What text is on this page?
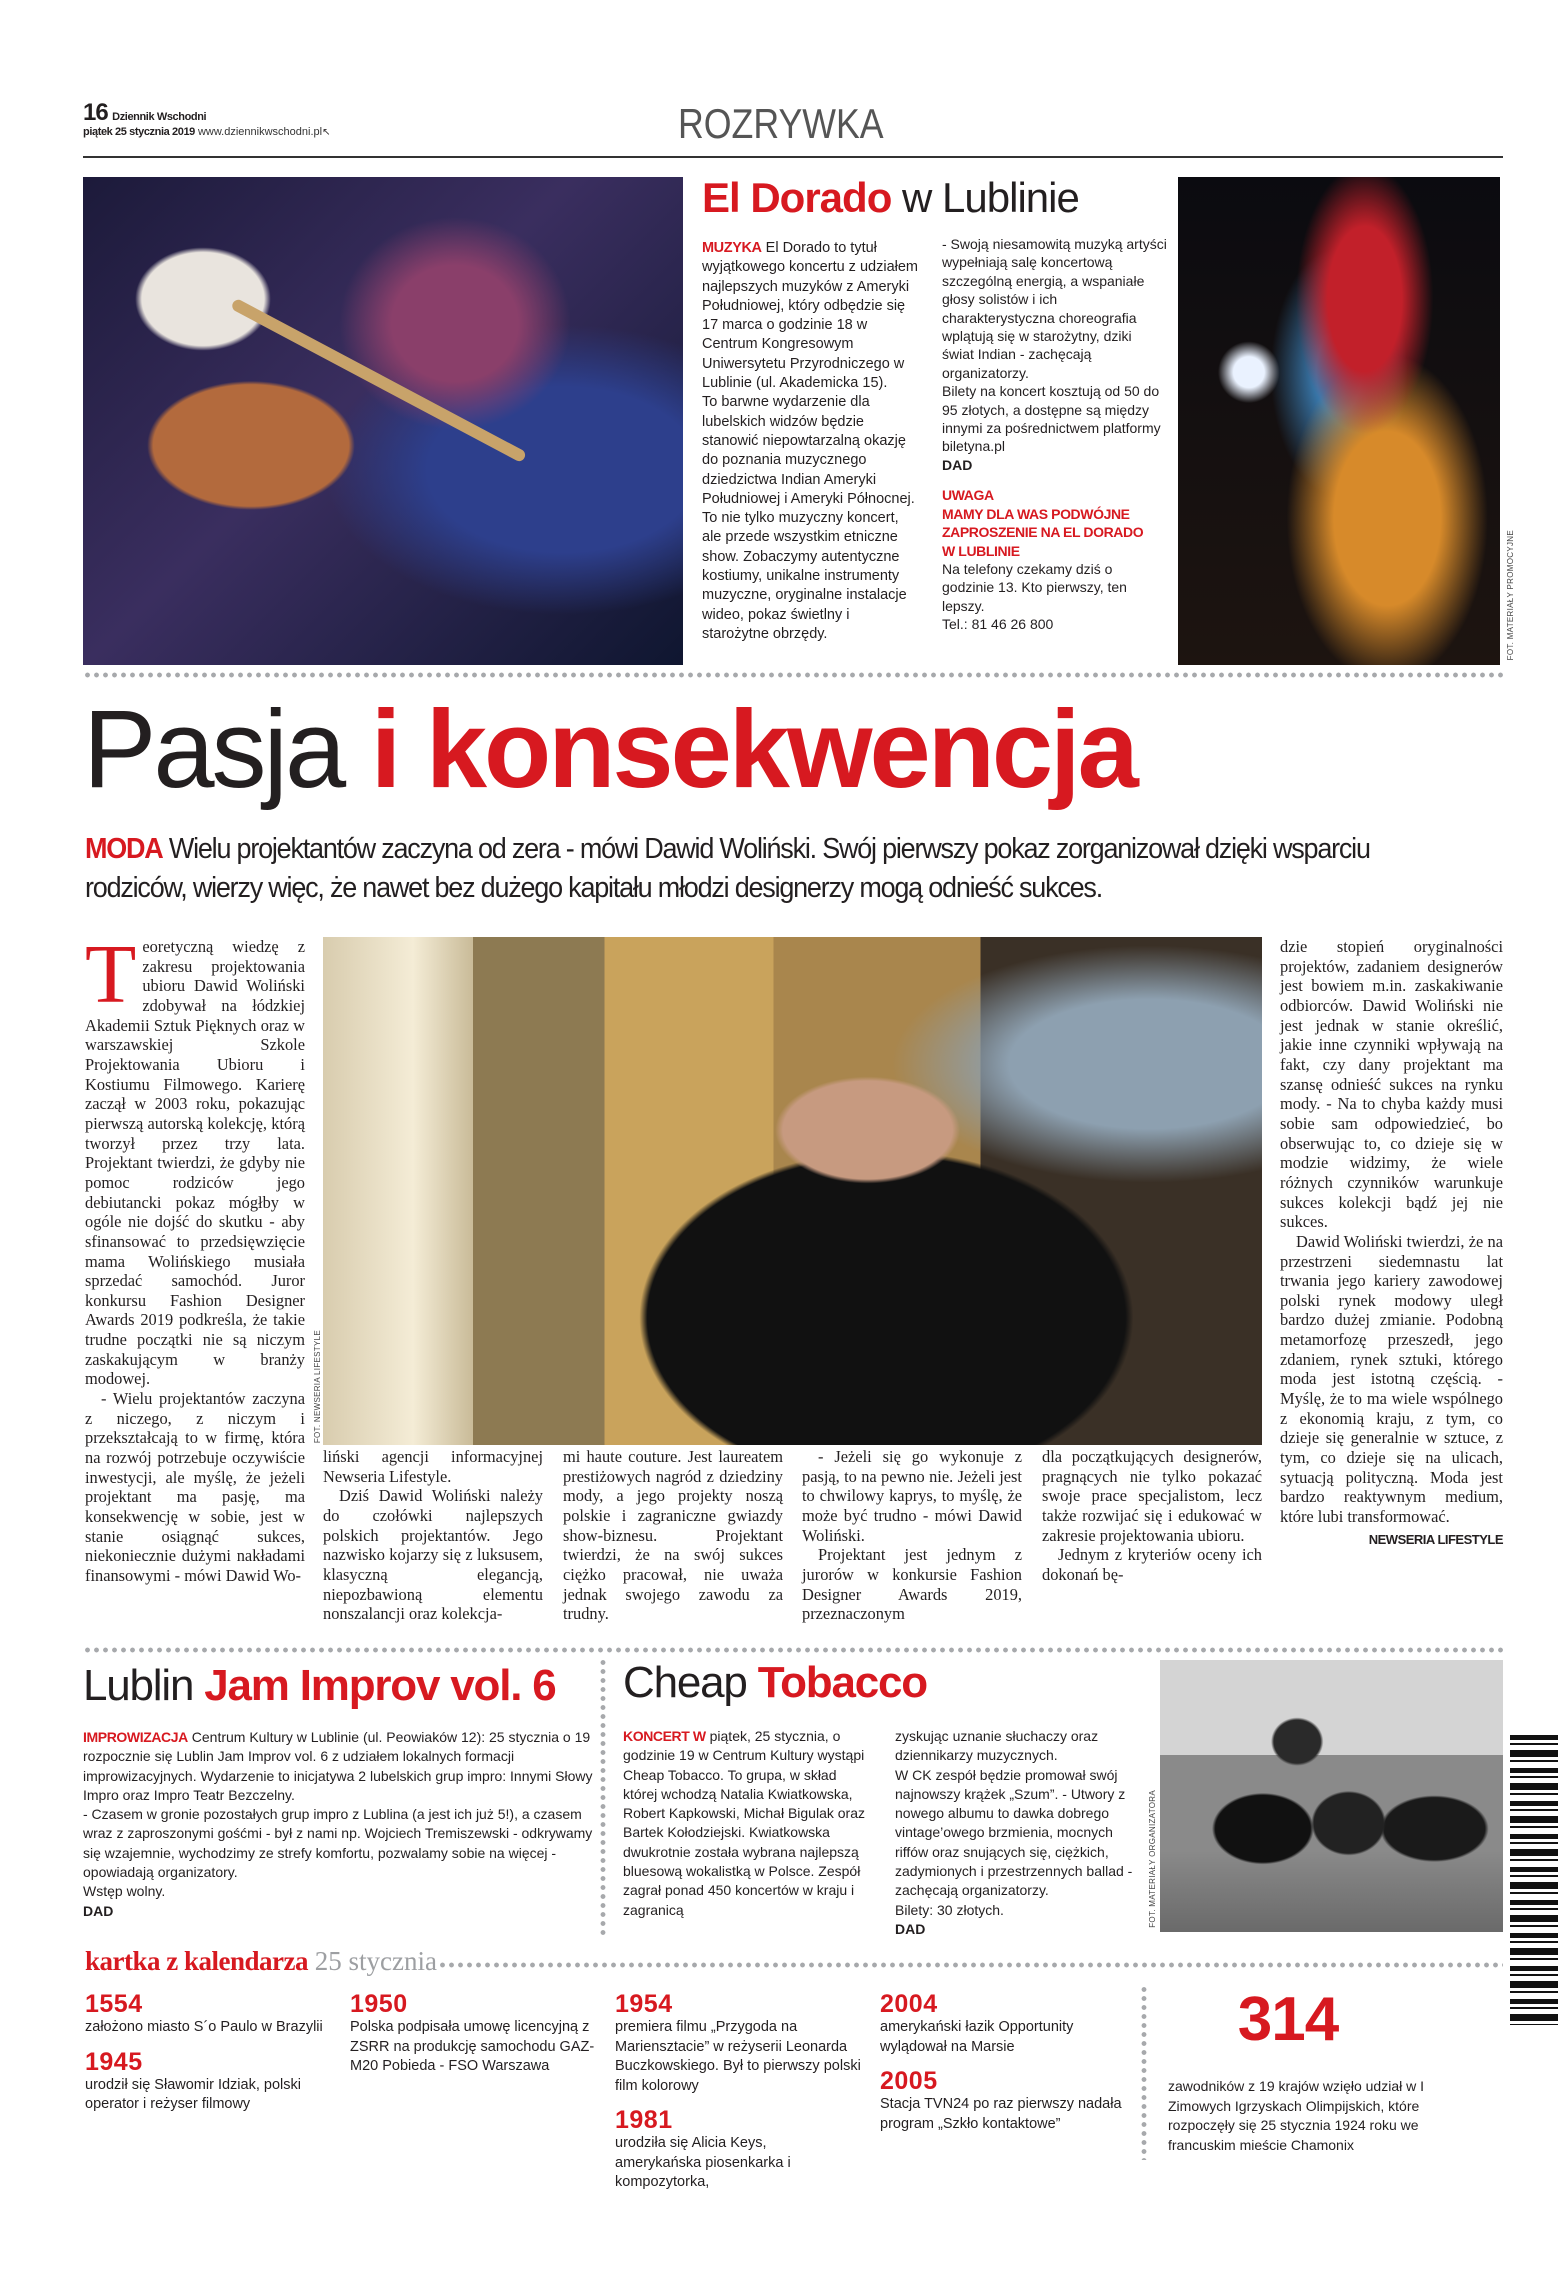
16 Dziennik Wschodni
piątek 25 stycznia 2019 www.dziennikwschodni.pl↖	ROZRYWKA
El Dorado w Lublinie
MUZYKA El Dorado to tytuł wyjątkowego koncertu z udziałem najlepszych muzyków z Ameryki Południowej, który odbędzie się 17 marca o godzinie 18 w Centrum Kongresowym Uniwersytetu Przyrodniczego w Lublinie (ul. Akademicka 15).
To barwne wydarzenie dla lubelskich widzów będzie stanowić niepowtarzalną okazję do poznania muzycznego dziedzictwa Indian Ameryki Południowej i Ameryki Północnej. To nie tylko muzyczny koncert, ale przede wszystkim etniczne show. Zobaczymy autentyczne kostiumy, unikalne instrumenty muzyczne, oryginalne instalacje wideo, pokaz świetlny i starożytne obrzędy.
- Swoją niesamowitą muzyką artyści wypełniają salę koncertową szczególną energią, a wspaniałe głosy solistów i ich charakterystyczna choreografia wplątują się w starożytny, dziki świat Indian - zachęcają organizatorzy.
Bilety na koncert kosztują od 50 do 95 złotych, a dostępne są między innymi za pośrednictwem platformy biletyna.pl
DAD
UWAGA
MAMY DLA WAS PODWÓJNE ZAPROSZENIE NA EL DORADO W LUBLINIE
Na telefony czekamy dziś o godzinie 13. Kto pierwszy, ten lepszy.
Tel.: 81 46 26 800	FOT. MATERIAŁY PROMOCYJNE
Pasja i konsekwencja
MODA Wielu projektantów zaczyna od zera - mówi Dawid Woliński. Swój pierwszy pokaz zorganizował dzięki wsparciu rodziców, wierzy więc, że nawet bez dużego kapitału młodzi designerzy mogą odnieść sukces.
T eoretyczną wiedzę z zakresu projektowania ubioru Dawid Woliński zdobywał na łódzkiej Akademii Sztuk Pięknych oraz w warszawskiej Szkole Projektowania Ubioru i Kostiumu Filmowego. Karierę zaczął w 2003 roku, pokazując pierwszą autorską kolekcję, którą tworzył przez trzy lata. Projektant twierdzi, że gdyby nie pomoc rodziców jego debiutancki pokaz mógłby w ogóle nie dojść do skutku - aby sfinansować to przedsięwzięcie mama Wolińskiego musiała sprzedać samochód. Juror konkursu Fashion Designer Awards 2019 podkreśla, że takie trudne początki nie są niczym zaskakującym w branży modowej.

- Wielu projektantów zaczyna z niczego, z niczym i przekształcają to w firmę, która na rozwój potrzebuje oczywiście inwestycji, ale myślę, że jeżeli projektant ma pasję, ma konsekwencję w sobie, jest w stanie osiągnąć sukces, niekoniecznie dużymi nakładami finansowymi - mówi Dawid Wo-

FOT. NEWSERIA LIFESTYLE

liński agencji informacyjnej Newseria Lifestyle.

Dziś Dawid Woliński należy do czołówki najlepszych polskich projektantów. Jego nazwisko kojarzy się z luksusem, klasyczną elegancją, niepozbawioną elementu nonszalancji oraz kolekcja-

mi haute couture. Jest laureatem prestiżowych nagród z dziedziny mody, a jego projekty noszą polskie i zagraniczne gwiazdy show-biznesu. Projektant twierdzi, że na swój sukces ciężko pracował, nie uważa jednak swojego zawodu za trudny.

- Jeżeli się go wykonuje z pasją, to na pewno nie. Jeżeli jest to chwilowy kaprys, to myślę, że może być trudno - mówi Dawid Woliński.

Projektant jest jednym z jurorów w konkursie Fashion Designer Awards 2019, przeznaczonym

dla początkujących designerów, pragnących nie tylko pokazać swoje prace specjalistom, lecz także rozwijać się i edukować w zakresie projektowania ubioru.

Jednym z kryteriów oceny ich dokonań bę-

dzie stopień oryginalności projektów, zadaniem designerów jest bowiem m.in. zaskakiwanie odbiorców. Dawid Woliński nie jest jednak w stanie określić, jakie inne czynniki wpływają na fakt, czy dany projektant ma szansę odnieść sukces na rynku mody. - Na to chyba każdy musi sobie sam odpowiedzieć, bo obserwując to, co dzieje się w modzie widzimy, że wiele różnych czynników warunkuje sukces kolekcji bądź jej nie sukces.

Dawid Woliński twierdzi, że na przestrzeni siedemnastu lat trwania jego kariery zawodowej polski rynek modowy uległ bardzo dużej zmianie. Podobną metamorfozę przeszedł, jego zdaniem, rynek sztuki, którego moda jest istotną częścią. - Myślę, że to ma wiele wspólnego z ekonomią kraju, z tym, co dzieje się generalnie w sztuce, z tym, co dzieje się na ulicach, sytuacją polityczną. Moda jest bardzo reaktywnym medium, które lubi transformować.

NEWSERIA LIFESTYLE
Lublin Jam Improv vol. 6
IMPROWIZACJA Centrum Kultury w Lublinie (ul. Peowiaków 12): 25 stycznia o 19 rozpocznie się Lublin Jam Improv vol. 6 z udziałem lokalnych formacji improwizacyjnych. Wydarzenie to inicjatywa 2 lubelskich grup impro: Innymi Słowy Impro oraz Impro Teatr Bezczelny.
- Czasem w gronie pozostałych grup impro z Lublina (a jest ich już 5!), a czasem wraz z zaproszonymi gośćmi - był z nami np. Wojciech Tremiszewski - odkrywamy się wzajemnie, wychodzimy ze strefy komfortu, pozwalamy sobie na więcej - opowiadają organizatory.
Wstęp wolny.
DAD
Cheap Tobacco
KONCERT W piątek, 25 stycznia, o godzinie 19 w Centrum Kultury wystąpi Cheap Tobacco. To grupa, w skład której wchodzą Natalia Kwiatkowska, Robert Kapkowski, Michał Bigulak oraz Bartek Kołodziejski. Kwiatkowska dwukrotnie została wybrana najlepszą bluesową wokalistką w Polsce. Zespół zagrał ponad 450 koncertów w kraju i zagranicą
zyskując uznanie słuchaczy oraz dziennikarzy muzycznych.
W CK zespół będzie promował swój najnowszy krążek „Szum”. - Utwory z nowego albumu to dawka dobrego vintage’owego brzmienia, mocnych riffów oraz snujących się, ciężkich, zadymionych i przestrzennych ballad - zachęcają organizatorzy.
Bilety: 30 złotych.
DAD
FOT. MATERIAŁY ORGANIZATORA
kartka z kalendarza 25 stycznia
1554
założono miasto S´o Paulo w Brazylii
1945
urodził się Sławomir Idziak, polski operator i reżyser filmowy
1950
Polska podpisała umowę licencyjną z ZSRR na produkcję samochodu GAZ-M20 Pobieda - FSO Warszawa
1954
premiera filmu „Przygoda na Mariensztacie” w reżyserii Leonarda Buczkowskiego. Był to pierwszy polski film kolorowy
1981
urodziła się Alicia Keys, amerykańska piosenkarka i kompozytorka,
2004
amerykański łazik Opportunity wylądował na Marsie
2005
Stacja TVN24 po raz pierwszy nadała program „Szkło kontaktowe”
314
zawodników z 19 krajów wzięło udział w I Zimowych Igrzyskach Olimpijskich, które rozpoczęły się 25 stycznia 1924 roku we francuskim mieście Chamonix
